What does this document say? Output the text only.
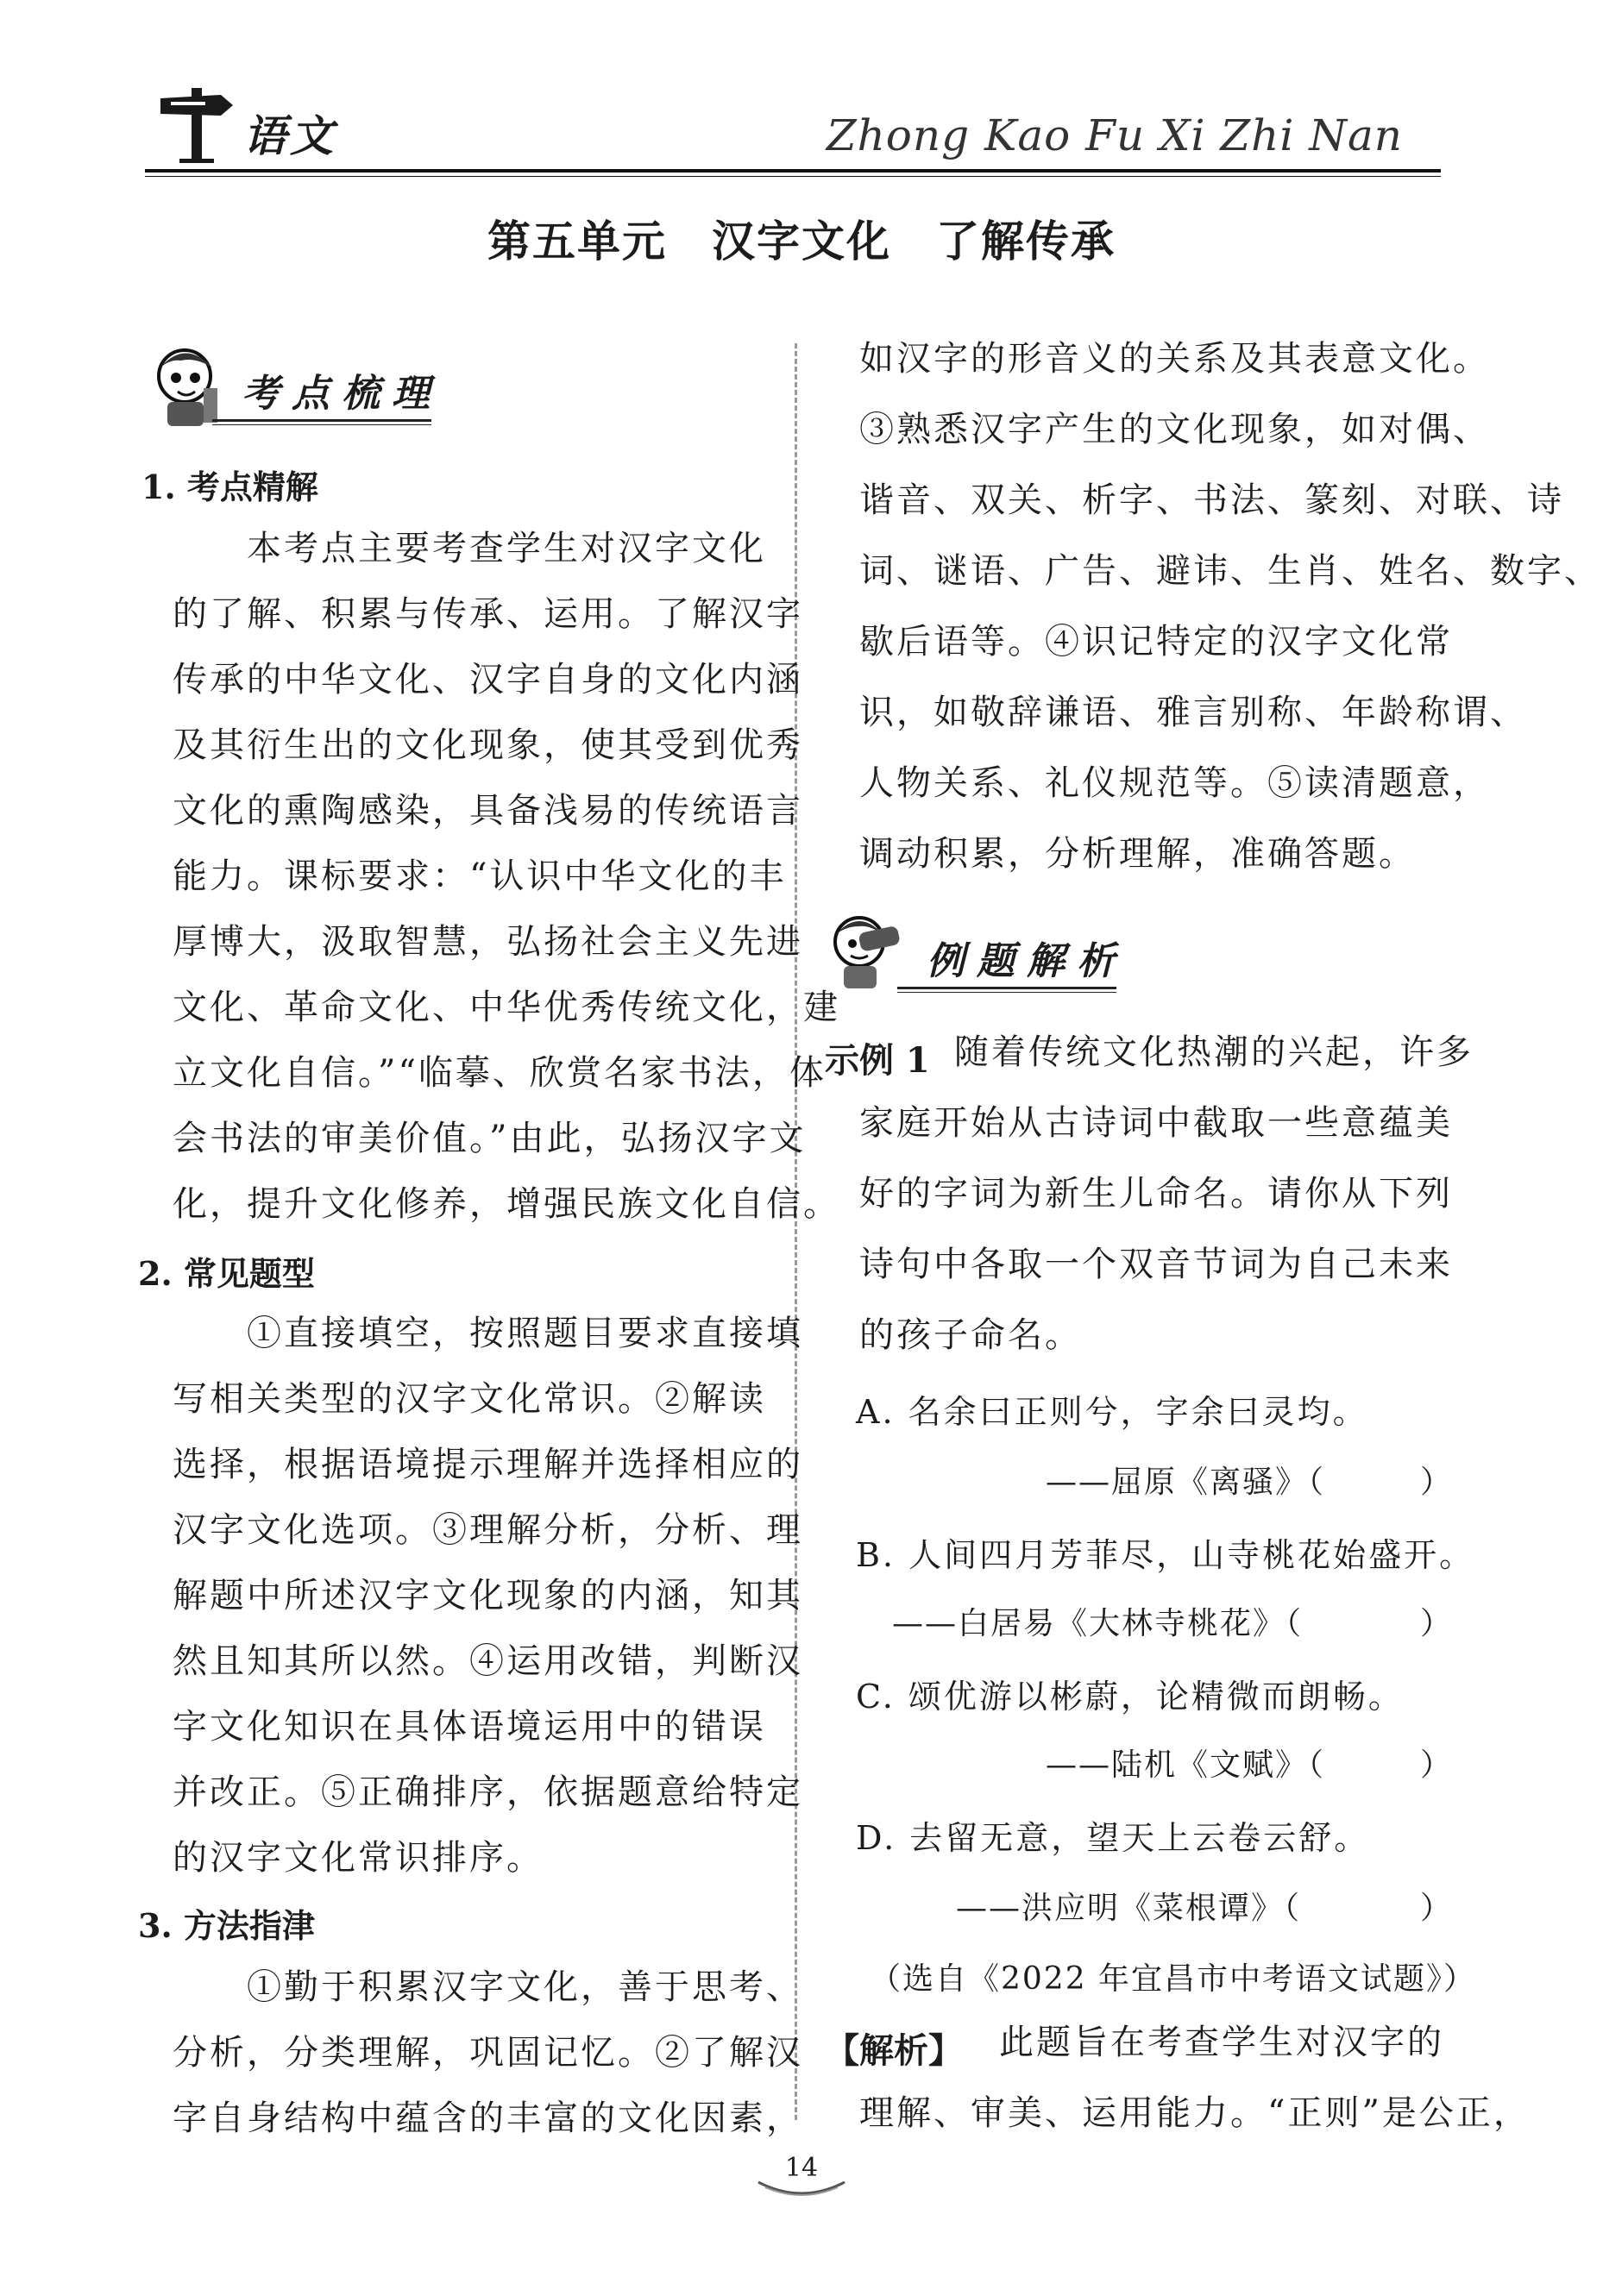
语文	Zhong Kao Fu Xi Zhi Nan
第五单元　汉字文化　了解传承
考点梳理
1. 考点精解
　　本考点主要考查学生对汉字文化
的了解、积累与传承、运用。了解汉字
传承的中华文化、汉字自身的文化内涵
及其衍生出的文化现象，使其受到优秀
文化的熏陶感染，具备浅易的传统语言
能力。课标要求：“认识中华文化的丰
厚博大，汲取智慧，弘扬社会主义先进
文化、革命文化、中华优秀传统文化，建
立文化自信。”“临摹、欣赏名家书法，体
会书法的审美价值。”由此，弘扬汉字文
化，提升文化修养，增强民族文化自信。
2. 常见题型
　　①直接填空，按照题目要求直接填
写相关类型的汉字文化常识。②解读
选择，根据语境提示理解并选择相应的
汉字文化选项。③理解分析，分析、理
解题中所述汉字文化现象的内涵，知其
然且知其所以然。④运用改错，判断汉
字文化知识在具体语境运用中的错误
并改正。⑤正确排序，依据题意给特定
的汉字文化常识排序。
3. 方法指津
　　①勤于积累汉字文化，善于思考、
分析，分类理解，巩固记忆。②了解汉
字自身结构中蕴含的丰富的文化因素，
如汉字的形音义的关系及其表意文化。
③熟悉汉字产生的文化现象，如对偶、
谐音、双关、析字、书法、篆刻、对联、诗
词、谜语、广告、避讳、生肖、姓名、数字、
歇后语等。④识记特定的汉字文化常
识，如敬辞谦语、雅言别称、年龄称谓、
人物关系、礼仪规范等。⑤读清题意，
调动积累，分析理解，准确答题。
例题解析
示例 1 随着传统文化热潮的兴起，许多
家庭开始从古诗词中截取一些意蕴美
好的字词为新生儿命名。请你从下列
诗句中各取一个双音节词为自己未来
的孩子命名。
A. 名余曰正则兮，字余曰灵均。
——屈原《离骚》（	）
B. 人间四月芳菲尽，山寺桃花始盛开。
——白居易《大林寺桃花》（	）
C. 颂优游以彬蔚，论精微而朗畅。
——陆机《文赋》（	）
D. 去留无意，望天上云卷云舒。
——洪应明《菜根谭》（	）
（选自《2022 年宜昌市中考语文试题》）
【解析】 此题旨在考查学生对汉字的
理解、审美、运用能力。“正则”是公正，
14
